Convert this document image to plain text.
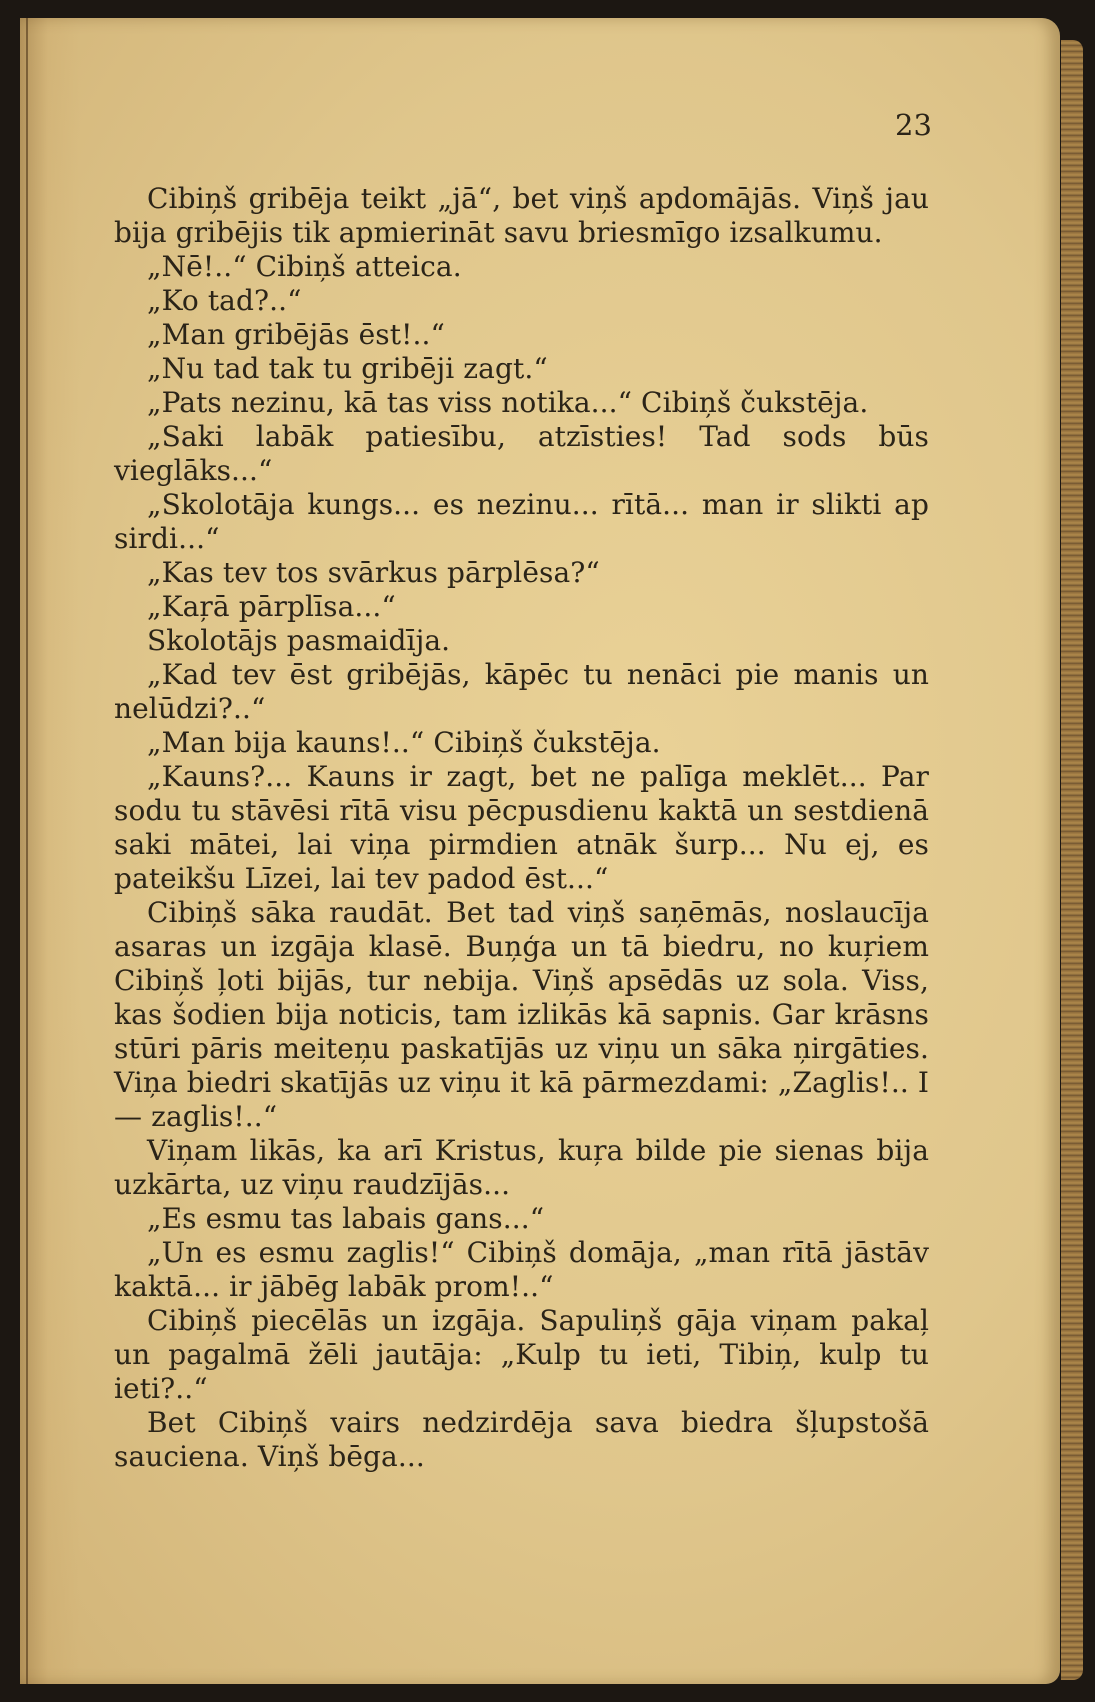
23

Cibiņš gribēja teikt „jā“, bet viņš apdomājās. Viņš jau bija gribējis tik apmierināt savu briesmīgo izsalkumu.

„Nē!..“ Cibiņš atteica.

„Ko tad?..“

„Man gribējās ēst!..“

„Nu tad tak tu gribēji zagt.“

„Pats nezinu, kā tas viss notika...“ Cibiņš čukstēja.

„Saki labāk patiesību, atzīsties! Tad sods būs vieglāks...“

„Skolotāja kungs... es nezinu... rītā... man ir slikti ap sirdi...“

„Kas tev tos svārkus pārplēsa?“

„Kaŗā pārplīsa...“

Skolotājs pasmaidīja.

„Kad tev ēst gribējās, kāpēc tu nenāci pie manis un nelūdzi?..“

„Man bija kauns!..“ Cibiņš čukstēja.

„Kauns?... Kauns ir zagt, bet ne palīga meklēt... Par sodu tu stāvēsi rītā visu pēcpusdienu kaktā un sestdienā saki mātei, lai viņa pirmdien atnāk šurp... Nu ej, es pateikšu Līzei, lai tev padod ēst...“

Cibiņš sāka raudāt. Bet tad viņš saņēmās, noslaucīja asaras un izgāja klasē. Buņģa un tā biedru, no kuŗiem Cibiņš ļoti bijās, tur nebija. Viņš apsēdās uz sola. Viss, kas šodien bija noticis, tam izlikās kā sapnis. Gar krāsns stūri pāris meiteņu paskatījās uz viņu un sāka ņirgāties. Viņa biedri skatījās uz viņu it kā pārmezdami: „Zaglis!.. I — zaglis!..“

Viņam likās, ka arī Kristus, kuŗa bilde pie sienas bija uzkārta, uz viņu raudzījās...

„Es esmu tas labais gans...“

„Un es esmu zaglis!“ Cibiņš domāja, „man rītā jāstāv kaktā... ir jābēg labāk prom!..“

Cibiņš piecēlās un izgāja. Sapuliņš gāja viņam pakaļ un pagalmā žēli jautāja: „Kulp tu ieti, Tibiņ, kulp tu ieti?..“

Bet Cibiņš vairs nedzirdēja sava biedra šļupstošā sauciena. Viņš bēga...
